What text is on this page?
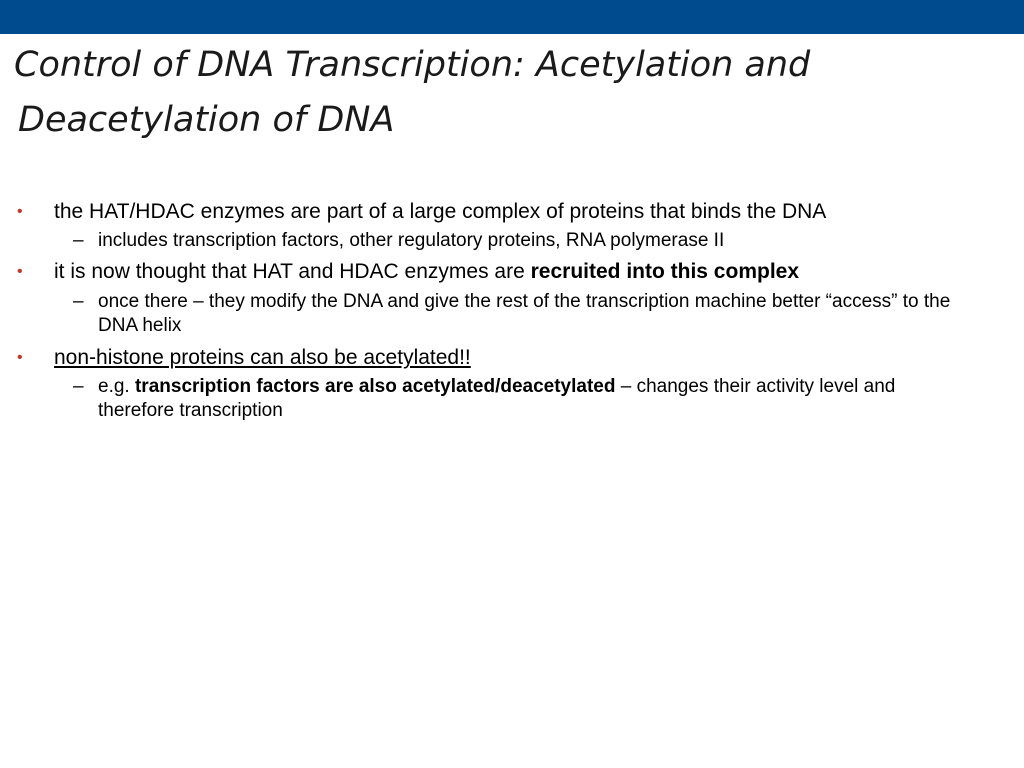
Control of DNA Transcription: Acetylation and
Deacetylation of DNA

• the HAT/HDAC enzymes are part of a large complex of proteins that binds the DNA

– includes transcription factors, other regulatory proteins, RNA polymerase II

• it is now thought that HAT and HDAC enzymes are recruited into this complex

– once there – they modify the DNA and give the rest of the transcription machine better “access” to the DNA helix

• non-histone proteins can also be acetylated!!

– e.g. transcription factors are also acetylated/deacetylated – changes their activity level and therefore transcription
